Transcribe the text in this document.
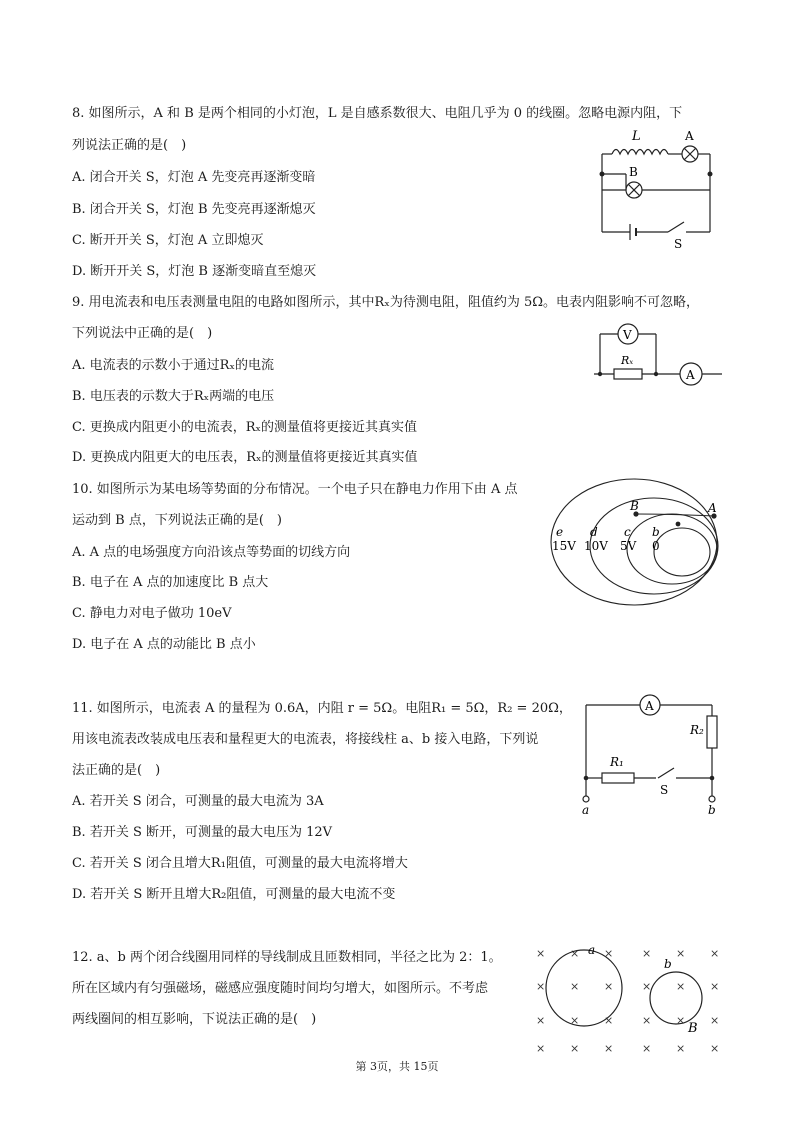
8. 如图所示，A 和 B 是两个相同的小灯泡，L 是自感系数很大、电阻几乎为 0 的线圈。忽略电源内阻，下
列说法正确的是(　)
A. 闭合开关 S，灯泡 A 先变亮再逐渐变暗
B. 闭合开关 S，灯泡 B 先变亮再逐渐熄灭
C. 断开开关 S，灯泡 A 立即熄灭
D. 断开开关 S，灯泡 B 逐渐变暗直至熄灭
L	A
B
S
9. 用电流表和电压表测量电阻的电路如图所示，其中Rₓ为待测电阻，阻值约为 5Ω。电表内阻影响不可忽略，
下列说法中正确的是(　)
A. 电流表的示数小于通过Rₓ的电流
B. 电压表的示数大于Rₓ两端的电压
C. 更换成内阻更小的电流表，Rₓ的测量值将更接近其真实值
D. 更换成内阻更大的电压表，Rₓ的测量值将更接近其真实值
V
Rₓ
A
10. 如图所示为某电场等势面的分布情况。一个电子只在静电力作用下由 A 点
运动到 B 点，下列说法正确的是(　)
A. A 点的电场强度方向沿该点等势面的切线方向
B. 电子在 A 点的加速度比 B 点大
C. 静电力对电子做功 10eV
D. 电子在 A 点的动能比 B 点小
A
B
e
15V
d
10V
c
5V
b
0
11. 如图所示，电流表 A 的量程为 0.6A，内阻 r = 5Ω。电阻R₁ = 5Ω，R₂ = 20Ω，
用该电流表改装成电压表和量程更大的电流表，将接线柱 a、b 接入电路，下列说
法正确的是(　)
A. 若开关 S 闭合，可测量的最大电流为 3A
B. 若开关 S 断开，可测量的最大电压为 12V
C. 若开关 S 闭合且增大R₁阻值，可测量的最大电流将增大
D. 若开关 S 断开且增大R₂阻值，可测量的最大电流不变
A
R₂
R₁
S
a	b
12. a、b 两个闭合线圈用同样的导线制成且匝数相同，半径之比为 2：1。
所在区域内有匀强磁场，磁感应强度随时间均匀增大，如图所示。不考虑
两线圈间的相互影响，下说法正确的是(　)
× × ×	× × ×
× × ×	× × ×
× × ×	× × ×
× × ×	× × ×
a
b
B
第 3页，共 15页
